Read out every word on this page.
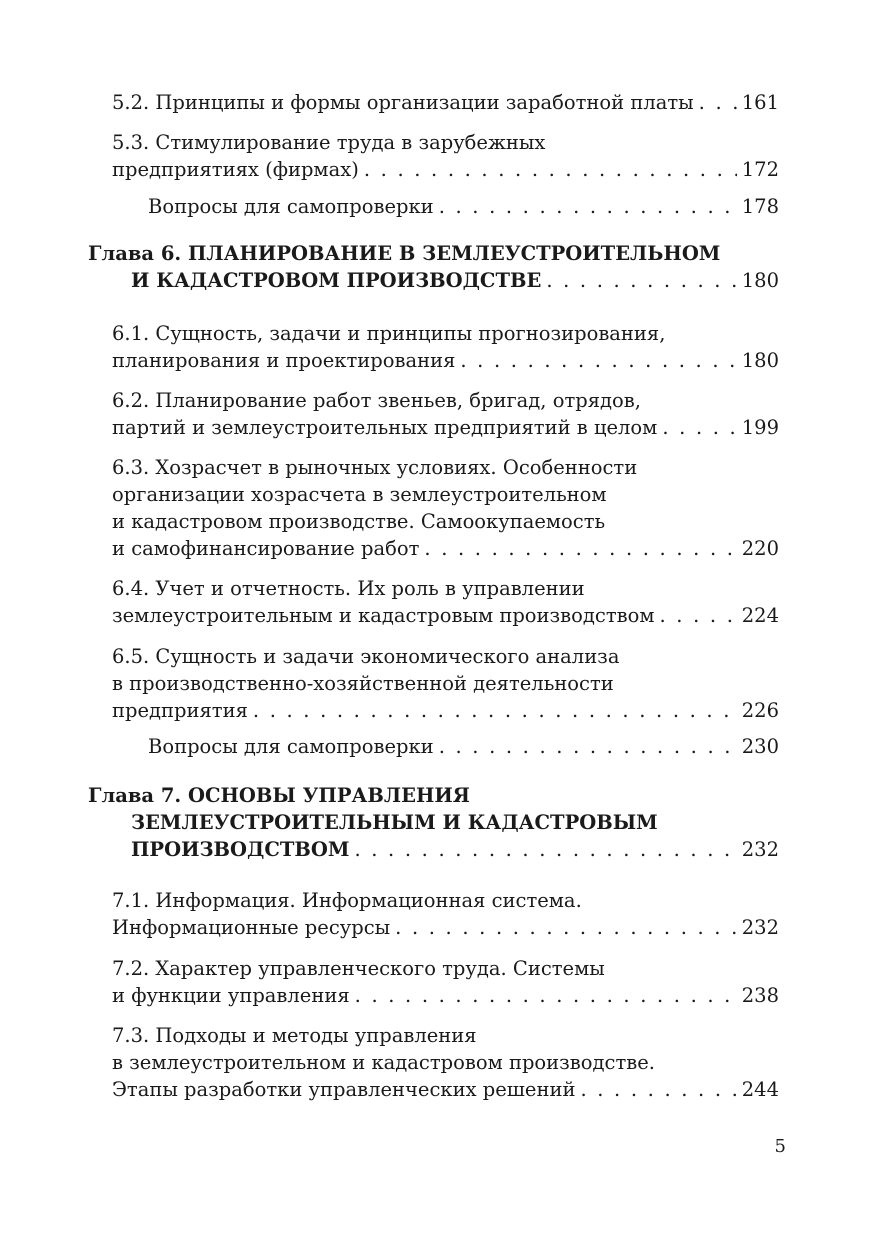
5.2. Принципы и формы организации заработной платы . . . 161
5.3. Стимулирование труда в зарубежных
предприятиях (фирмах) . . .	172
Вопросы для самопроверки . . .	178
Глава 6. ПЛАНИРОВАНИЕ В ЗЕМЛЕУСТРОИТЕЛЬНОМ
И КАДАСТРОВОМ ПРОИЗВОДСТВЕ . . .	180
6.1. Сущность, задачи и принципы прогнозирования,
планирования и проектирования . . .	180
6.2. Планирование работ звеньев, бригад, отрядов,
партий и землеустроительных предприятий в целом . . .	199
6.3. Хозрасчет в рыночных условиях. Особенности
организации хозрасчета в землеустроительном
и кадастровом производстве. Самоокупаемость
и самофинансирование работ . . .	220
6.4. Учет и отчетность. Их роль в управлении
землеустроительным и кадастровым производством . . .	224
6.5. Сущность и задачи экономического анализа
в производственно-хозяйственной деятельности
предприятия . . .	226
Вопросы для самопроверки . . .	230
Глава 7. ОСНОВЫ УПРАВЛЕНИЯ
ЗЕМЛЕУСТРОИТЕЛЬНЫМ И КАДАСТРОВЫМ
ПРОИЗВОДСТВОМ . . .	232
7.1. Информация. Информационная система.
Информационные ресурсы . . .	232
7.2. Характер управленческого труда. Системы
и функции управления . . .	238
7.3. Подходы и методы управления
в землеустроительном и кадастровом производстве.
Этапы разработки управленческих решений . . .	244
5
